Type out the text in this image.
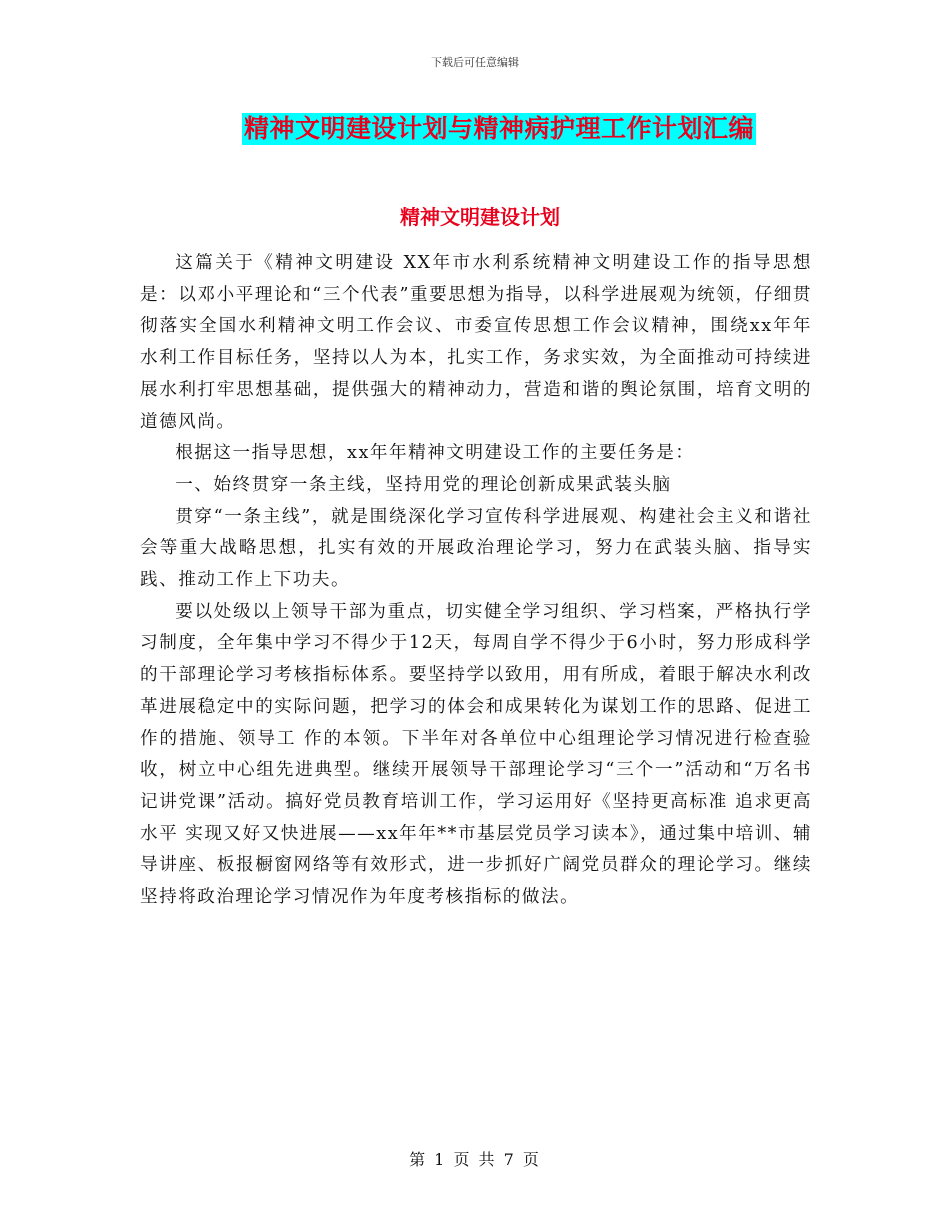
下载后可任意编辑
精神文明建设计划与精神病护理工作计划汇编
精神文明建设计划

这篇关于《精神文明建设 XX年市水利系统精神文明建设工作的指导思想是：以邓小平理论和“三个代表”重要思想为指导，以科学进展观为统领，仔细贯彻落实全国水利精神文明工作会议、市委宣传思想工作会议精神，围绕xx年年水利工作目标任务，坚持以人为本，扎实工作，务求实效，为全面推动可持续进展水利打牢思想基础，提供强大的精神动力，营造和谐的舆论氛围，培育文明的道德风尚。

根据这一指导思想，xx年年精神文明建设工作的主要任务是：

一、始终贯穿一条主线，坚持用党的理论创新成果武装头脑

贯穿“一条主线”，就是围绕深化学习宣传科学进展观、构建社会主义和谐社会等重大战略思想，扎实有效的开展政治理论学习，努力在武装头脑、指导实践、推动工作上下功夫。

要以处级以上领导干部为重点，切实健全学习组织、学习档案，严格执行学习制度，全年集中学习不得少于12天，每周自学不得少于6小时，努力形成科学的干部理论学习考核指标体系。要坚持学以致用，用有所成，着眼于解决水利改革进展稳定中的实际问题，把学习的体会和成果转化为谋划工作的思路、促进工作的措施、领导工 作的本领。下半年对各单位中心组理论学习情况进行检查验收，树立中心组先进典型。继续开展领导干部理论学习“三个一”活动和“万名书记讲党课”活动。搞好党员教育培训工作，学习运用好《坚持更高标准 追求更高水平 实现又好又快进展——xx年年**市基层党员学习读本》，通过集中培训、辅导讲座、板报橱窗网络等有效形式，进一步抓好广阔党员群众的理论学习。继续坚持将政治理论学习情况作为年度考核指标的做法。

第 1 页 共 7 页
